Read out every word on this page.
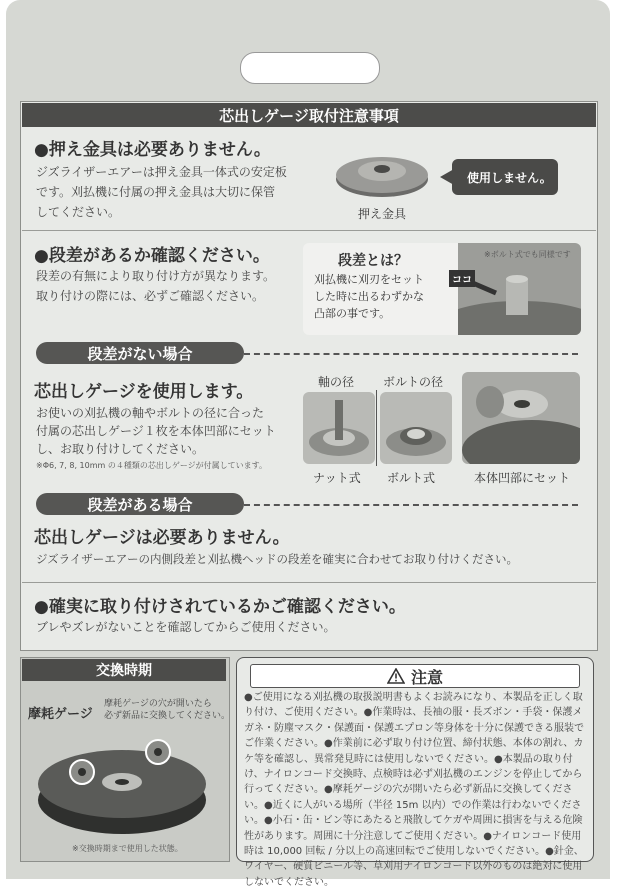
芯出しゲージ取付注意事項
● 押え金具は必要ありません。
ジズライザーエアーは押え金具一体式の安定板
です。刈払機に付属の押え金具は大切に保管
してください。	押え金具
使用しません。
● 段差があるか確認ください。
段差の有無により取り付け方が異なります。
取り付けの際には、必ずご確認ください。
段差とは？
刈払機に刈刃をセット
した時に出るわずかな
凸部の事です。
ココ
※ボルト式でも同様です
段差がない場合
芯出しゲージを使用します。
お使いの刈払機の軸やボルトの径に合った
付属の芯出しゲージ１枚を本体凹部にセット
し、お取り付けしてください。
※Φ6, 7, 8, 10mm の４種類の芯出しゲージが付属しています。
軸の径 ボルトの径
ナット式 ボルト式	本体凹部にセット
段差がある場合
芯出しゲージは必要ありません。
ジズライザーエアーの内側段差と刈払機ヘッドの段差を確実に合わせてお取り付けください。
● 確実に取り付けされているかご確認ください。
ブレやズレがないことを確認してからご使用ください。
交換時期
摩耗ゲージ
摩耗ゲージの穴が開いたら
必ず新品に交換してください。
※交換時期まで使用した状態。
注意
●ご使用になる刈払機の取扱説明書もよくお読みになり、本製品を正しく取り付け、ご使用ください。●作業時は、長袖の服・長ズボン・手袋・保護メガネ・防塵マスク・保護面・保護エプロン等身体を十分に保護できる服装でご作業ください。●作業前に必ず取り付け位置、締付状態、本体の割れ、カケ等を確認し、異常発見時には使用しないでください。●本製品の取り付け、ナイロンコード交換時、点検時は必ず刈払機のエンジンを停止してから行ってください。●摩耗ゲージの穴が開いたら必ず新品に交換してください。●近くに人がいる場所（半径 15m 以内）での作業は行わないでください。●小石・缶・ビン等にあたると飛散してケガや周囲に損害を与える危険性があります。周囲に十分注意してご使用ください。●ナイロンコード使用時は 10,000 回転 / 分以上の高速回転でご使用しないでください。●針金、ワイヤー、硬質ビニール等、草刈用ナイロンコード以外のものは絶対に使用しないでください。
